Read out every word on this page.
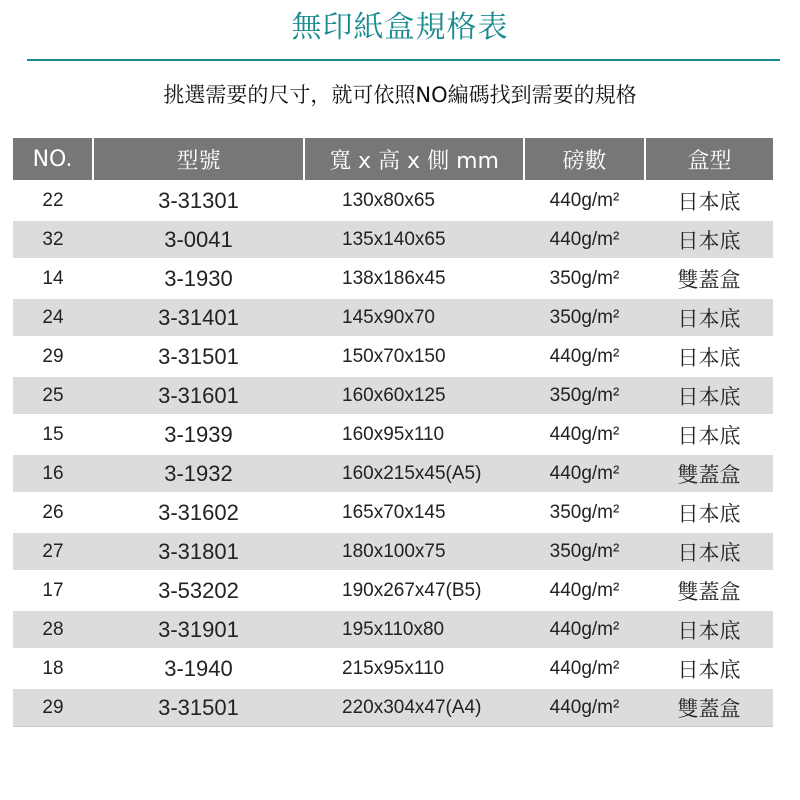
無印紙盒規格表
挑選需要的尺寸，就可依照NO編碼找到需要的規格
NO.	型號	寬 x 高 x 側 mm	磅數	盒型
22	3-31301	130x80x65	440g/m²	日本底
32	3-0041	135x140x65	440g/m²	日本底
14	3-1930	138x186x45	350g/m²	雙蓋盒
24	3-31401	145x90x70	350g/m²	日本底
29	3-31501	150x70x150	440g/m²	日本底
25	3-31601	160x60x125	350g/m²	日本底
15	3-1939	160x95x110	440g/m²	日本底
16	3-1932	160x215x45(A5)	440g/m²	雙蓋盒
26	3-31602	165x70x145	350g/m²	日本底
27	3-31801	180x100x75	350g/m²	日本底
17	3-53202	190x267x47(B5)	440g/m²	雙蓋盒
28	3-31901	195x110x80	440g/m²	日本底
18	3-1940	215x95x110	440g/m²	日本底
29	3-31501	220x304x47(A4)	440g/m²	雙蓋盒
